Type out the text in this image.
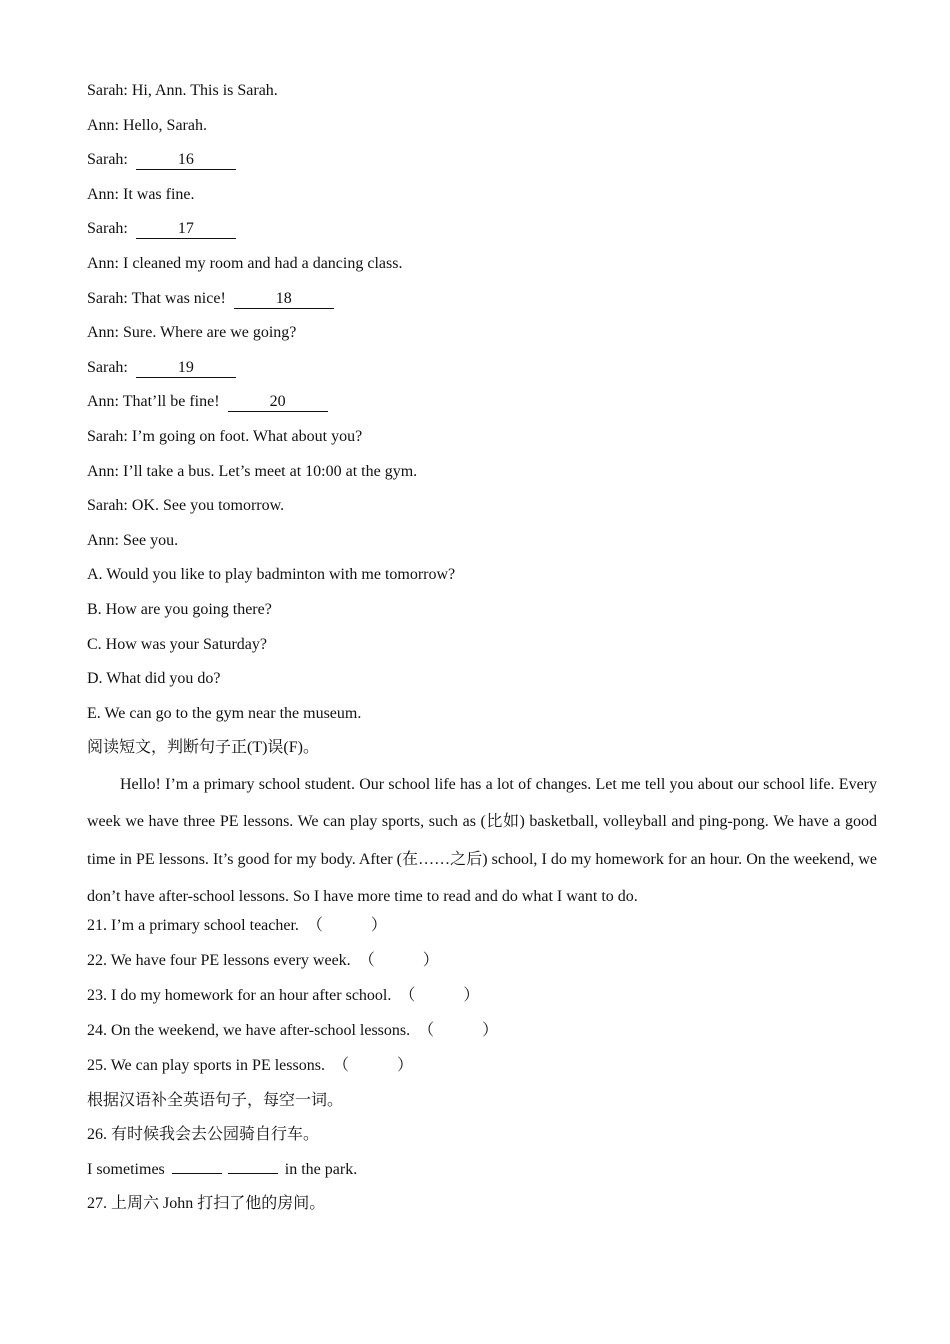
Sarah: Hi, Ann. This is Sarah.
Ann: Hello, Sarah.
Sarah:	16
Ann: It was fine.
Sarah:	17
Ann: I cleaned my room and had a dancing class.
Sarah: That was nice!	18
Ann: Sure. Where are we going?
Sarah:	19
Ann: That’ll be fine!	20
Sarah: I’m going on foot. What about you?
Ann: I’ll take a bus. Let’s meet at 10:00 at the gym.
Sarah: OK. See you tomorrow.
Ann: See you.
A. Would you like to play badminton with me tomorrow?
B. How are you going there?
C. How was your Saturday?
D. What did you do?
E. We can go to the gym near the museum.
阅读短文，判断句子正(T)误(F)。
Hello! I’m a primary school student. Our school life has a lot of changes. Let me tell you about our school life. Every week we have three PE lessons. We can play sports, such as (比如) basketball, volleyball and ping-pong. We have a good time in PE lessons. It’s good for my body. After (在……之后) school, I do my homework for an hour. On the weekend, we don’t have after-school lessons. So I have more time to read and do what I want to do.
21. I’m a primary school teacher. （　　　）
22. We have four PE lessons every week. （　　　）
23. I do my homework for an hour after school. （　　　）
24. On the weekend, we have after-school lessons. （　　　）
25. We can play sports in PE lessons. （　　　）
根据汉语补全英语句子，每空一词。
26. 有时候我会去公园骑自行车。
I sometimes	in the park.
27. 上周六 John 打扫了他的房间。
